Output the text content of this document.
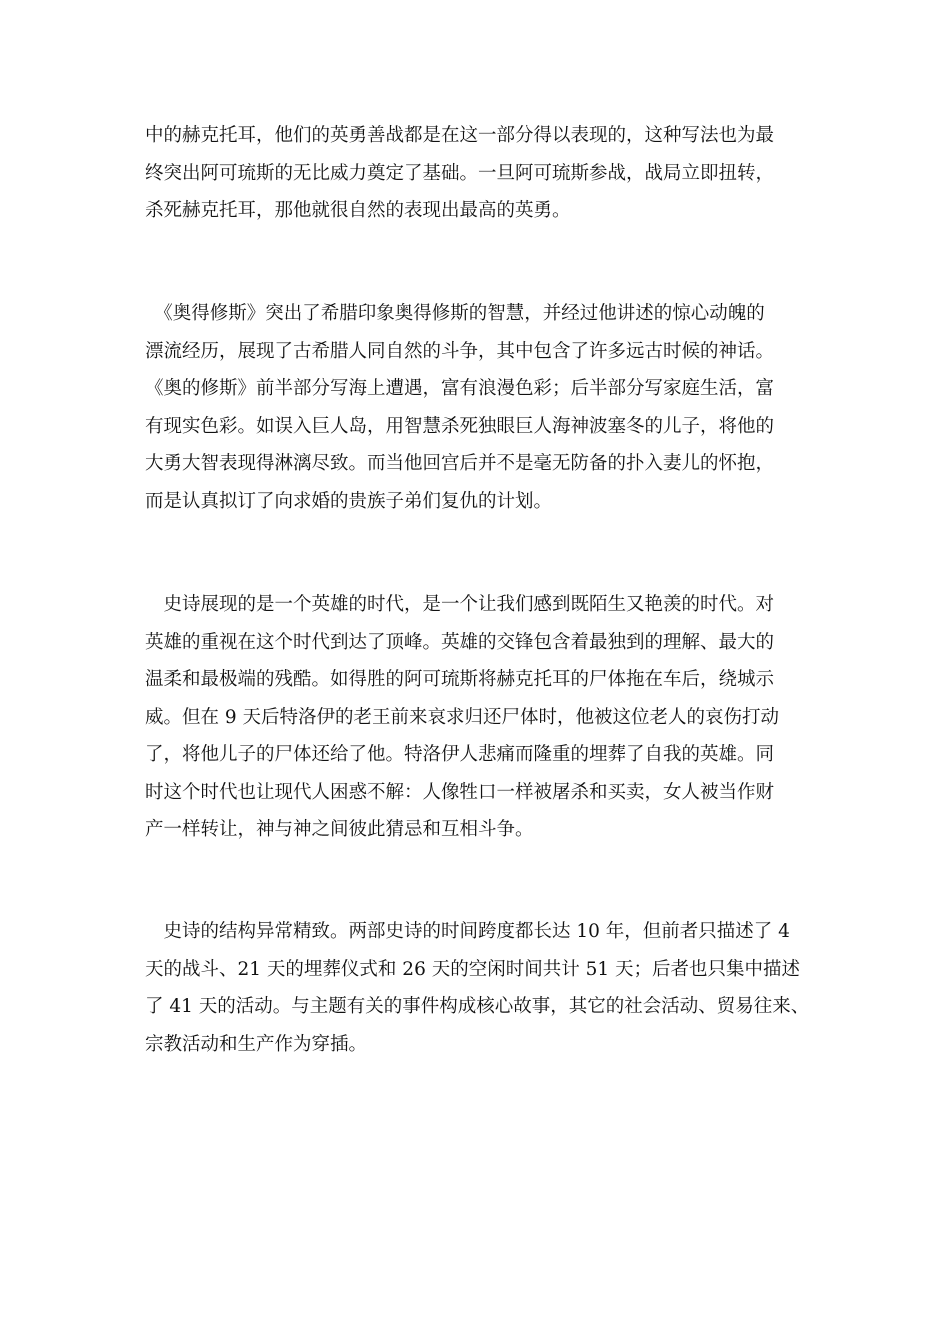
中的赫克托耳，他们的英勇善战都是在这一部分得以表现的，这种写法也为最
终突出阿可琉斯的无比威力奠定了基础。一旦阿可琉斯参战，战局立即扭转，
杀死赫克托耳，那他就很自然的表现出最高的英勇。
　《奥得修斯》突出了希腊印象奥得修斯的智慧，并经过他讲述的惊心动魄的
漂流经历，展现了古希腊人同自然的斗争，其中包含了许多远古时候的神话。
《奥的修斯》前半部分写海上遭遇，富有浪漫色彩；后半部分写家庭生活，富
有现实色彩。如误入巨人岛，用智慧杀死独眼巨人海神波塞冬的儿子，将他的
大勇大智表现得淋漓尽致。而当他回宫后并不是毫无防备的扑入妻儿的怀抱，
而是认真拟订了向求婚的贵族子弟们复仇的计划。
　史诗展现的是一个英雄的时代，是一个让我们感到既陌生又艳羡的时代。对
英雄的重视在这个时代到达了顶峰。英雄的交锋包含着最独到的理解、最大的
温柔和最极端的残酷。如得胜的阿可琉斯将赫克托耳的尸体拖在车后，绕城示
威。但在 9 天后特洛伊的老王前来哀求归还尸体时，他被这位老人的哀伤打动
了，将他儿子的尸体还给了他。特洛伊人悲痛而隆重的埋葬了自我的英雄。同
时这个时代也让现代人困惑不解：人像牲口一样被屠杀和买卖，女人被当作财
产一样转让，神与神之间彼此猜忌和互相斗争。
　史诗的结构异常精致。两部史诗的时间跨度都长达 10 年，但前者只描述了 4
天的战斗、21 天的埋葬仪式和 26 天的空闲时间共计 51 天；后者也只集中描述
了 41 天的活动。与主题有关的事件构成核心故事，其它的社会活动、贸易往来、
宗教活动和生产作为穿插。
